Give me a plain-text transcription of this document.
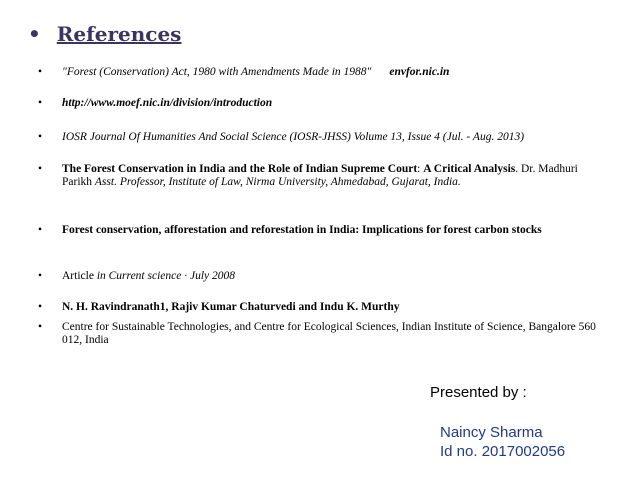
• References
• "Forest (Conservation) Act, 1980 with Amendments Made in 1988" envfor.nic.in
• http://www.moef.nic.in/division/introduction
• IOSR Journal Of Humanities And Social Science (IOSR-JHSS) Volume 13, Issue 4 (Jul. - Aug. 2013)
• The Forest Conservation in India and the Role of Indian Supreme Court: A Critical Analysis. Dr. Madhuri Parikh Asst. Professor, Institute of Law, Nirma University, Ahmedabad, Gujarat, India.
• Forest conservation, afforestation and reforestation in India: Implications for forest carbon stocks
• Article in Current science · July 2008
• N. H. Ravindranath1, Rajiv Kumar Chaturvedi and Indu K. Murthy
• Centre for Sustainable Technologies, and Centre for Ecological Sciences, Indian Institute of Science, Bangalore 560 012, India
Presented by :
Naincy Sharma
Id no. 2017002056
